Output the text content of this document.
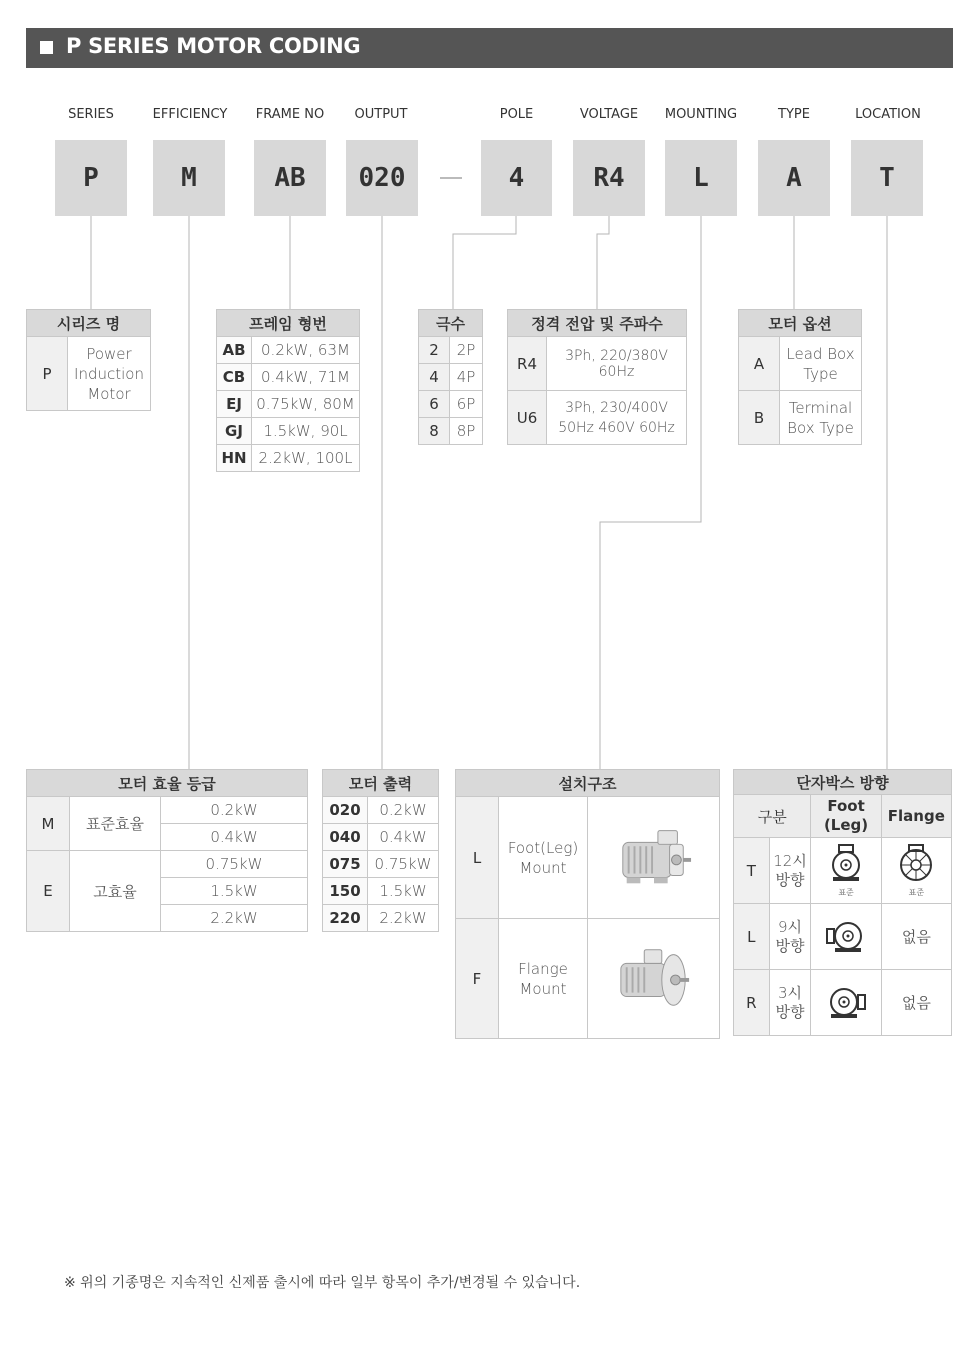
P SERIES MOTOR CODING
SERIES	EFFICIENCY	FRAME NO	OUTPUT	POLE	VOLTAGE	MOUNTING	TYPE	LOCATION
P	M	AB	020	4	R4	L	A	T
시리즈 명
P	Power Induction Motor
프레임 형번	
AB	0.2kW, 63M
CB	0.4kW, 71M
EJ	0.75kW, 80M
GJ	1.5kW, 90L
HN	2.2kW, 100L
극수	
2	2P
4	4P
6	6P
8	8P
정격 전압 및 주파수	
R4	3Ph, 220/380V 60Hz
U6	3Ph, 230/400V 50Hz 460V 60Hz
모터 옵션	
A	Lead Box Type
B	Terminal Box Type
모터 효율 등급		
M	표준효율	0.2kW
		0.4kW
E	고효율	0.75kW
		1.5kW
		2.2kW
모터 출력	
020	0.2kW
040	0.4kW
075	0.75kW
150	1.5kW
220	2.2kW
설치구조		
L	Foot(Leg) Mount	
F	Flange Mount	
단자박스 방향			
구분		Foot (Leg)	Flange
T	12시 방향	표준	표준

L	9시 방향		없음
R	3시 방향		없음
※ 위의 기종명은 지속적인 신제품 출시에 따라 일부 항목이 추가/변경될 수 있습니다.
